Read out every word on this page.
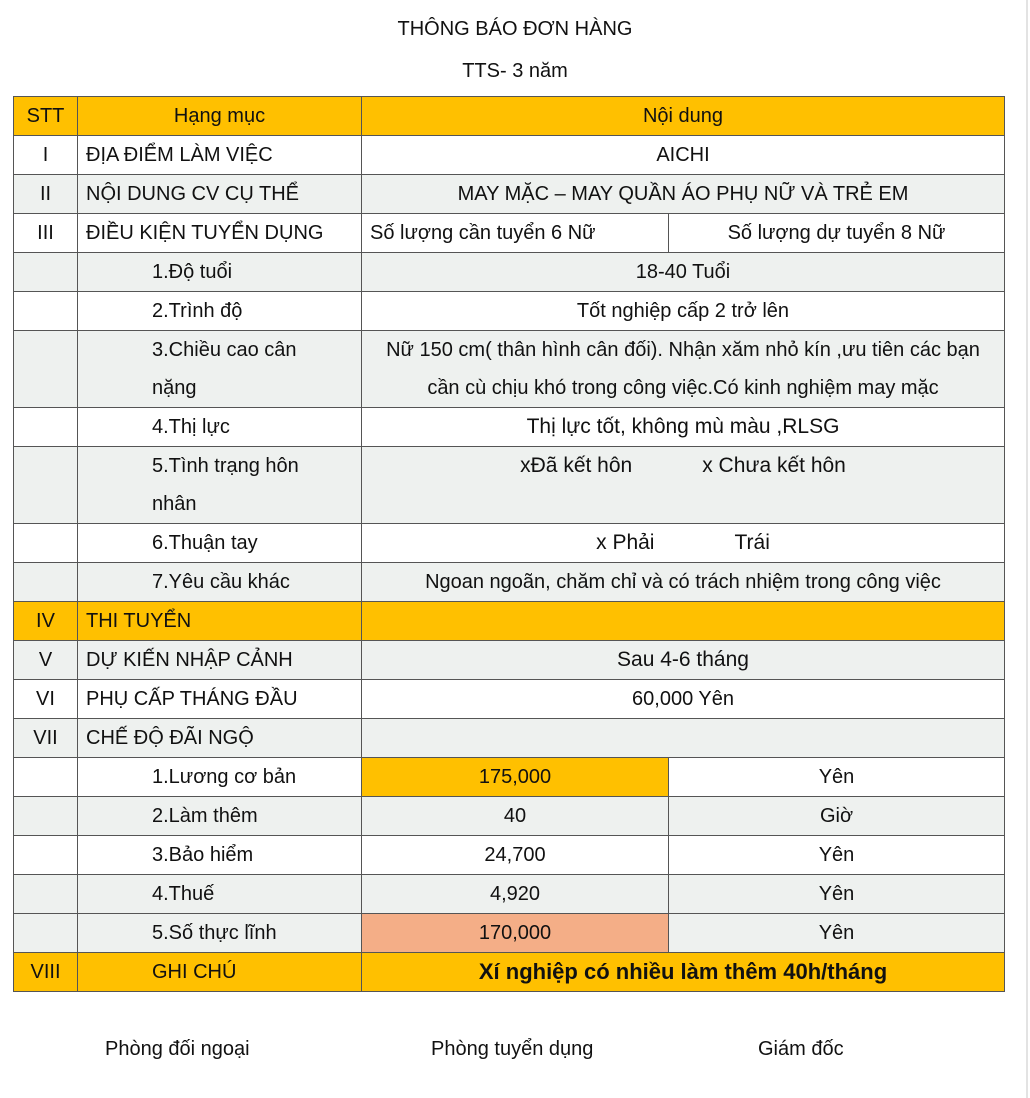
THÔNG BÁO ĐƠN HÀNG
TTS- 3 năm
STT	Hạng mục	Nội dung	
I	ĐỊA ĐIỂM LÀM VIỆC	AICHI	
II	NỘI DUNG CV CỤ THỂ	MAY MẶC – MAY QUẦN ÁO PHỤ NỮ VÀ TRẺ EM	
III	ĐIỀU KIỆN TUYỂN DỤNG	Số lượng cần tuyển 6 Nữ	Số lượng dự tuyển 8 Nữ
	1.Độ tuổi	18-40 Tuổi	
	2.Trình độ	Tốt nghiệp cấp 2 trở lên	
	3.Chiều cao cân nặng	Nữ 150 cm( thân hình cân đối). Nhận xăm nhỏ kín ,ưu tiên các bạn cần cù chịu khó trong công việc.Có kinh nghiệm may mặc	
	4.Thị lực	Thị lực tốt, không mù màu ,RLSG	
	5.Tình trạng hôn nhân	xĐã kết hôn x Chưa kết hôn	
	6.Thuận tay	x Phải Trái	
	7.Yêu cầu khác	Ngoan ngoãn, chăm chỉ và có trách nhiệm trong công việc	
IV	THI TUYỂN		
V	DỰ KIẾN NHẬP CẢNH	Sau 4-6 tháng	
VI	PHỤ CẤP THÁNG ĐẦU	60,000 Yên	
VII	CHẾ ĐỘ ĐÃI NGỘ		
	1.Lương cơ bản	175,000	Yên
	2.Làm thêm	40	Giờ
	3.Bảo hiểm	24,700	Yên
	4.Thuế	4,920	Yên
	5.Số thực lĩnh	170,000	Yên
VIII	GHI CHÚ	Xí nghiệp có nhiều làm thêm 40h/tháng	
Phòng đối ngoại	Phòng tuyển dụng	Giám đốc
